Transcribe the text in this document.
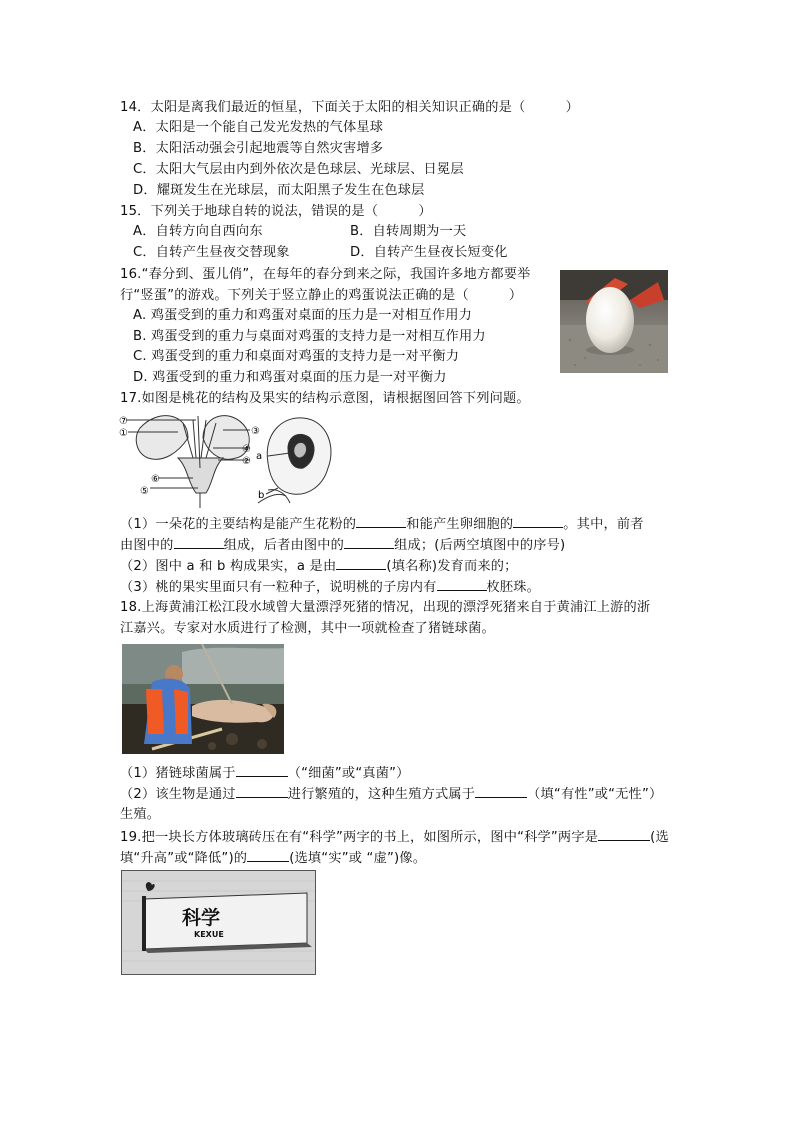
14．太阳是离我们最近的恒星，下面关于太阳的相关知识正确的是（　　　）
A．太阳是一个能自己发光发热的气体星球
B．太阳活动强会引起地震等自然灾害增多
C．太阳大气层由内到外依次是色球层、光球层、日冕层
D．耀斑发生在光球层，而太阳黑子发生在色球层
15．下列关于地球自转的说法，错误的是（　　　）
A．自转方向自西向东	B．自转周期为一天
C．自转产生昼夜交替现象	D．自转产生昼夜长短变化
16.“春分到、蛋儿俏”，在每年的春分到来之际，我国许多地方都要举
行“竖蛋”的游戏。下列关于竖立静止的鸡蛋说法正确的是（　　　）
A. 鸡蛋受到的重力和鸡蛋对桌面的压力是一对相互作用力
B. 鸡蛋受到的重力与桌面对鸡蛋的支持力是一对相互作用力
C. 鸡蛋受到的重力和桌面对鸡蛋的支持力是一对平衡力
D. 鸡蛋受到的重力和鸡蛋对桌面的压力是一对平衡力
17.如图是桃花的结构及果实的结构示意图，请根据图回答下列问题。
⑦
①	③
④
②
⑥
⑤
a
b
（1）一朵花的主要结构是能产生花粉的	和能产生卵细胞的	。其中，前者
由图中的	组成，后者由图中的	组成；(后两空填图中的序号)
（2）图中 a 和 b 构成果实，a 是由	(填名称)发育而来的；
（3）桃的果实里面只有一粒种子，说明桃的子房内有	枚胚珠。
18.上海黄浦江松江段水域曾大量漂浮死猪的情况，出现的漂浮死猪来自于黄浦江上游的浙
江嘉兴。专家对水质进行了检测，其中一项就检查了猪链球菌。
（1）猪链球菌属于	（“细菌”或“真菌”）
（2）该生物是通过	进行繁殖的，这种生殖方式属于	（填“有性”或“无性”）
生殖。
19.把一块长方体玻璃砖压在有“科学”两字的书上，如图所示，图中“科学”两字是	(选
填“升高”或“降低”)的	(选填“实”或 “虚”)像。
科学
KEXUE
